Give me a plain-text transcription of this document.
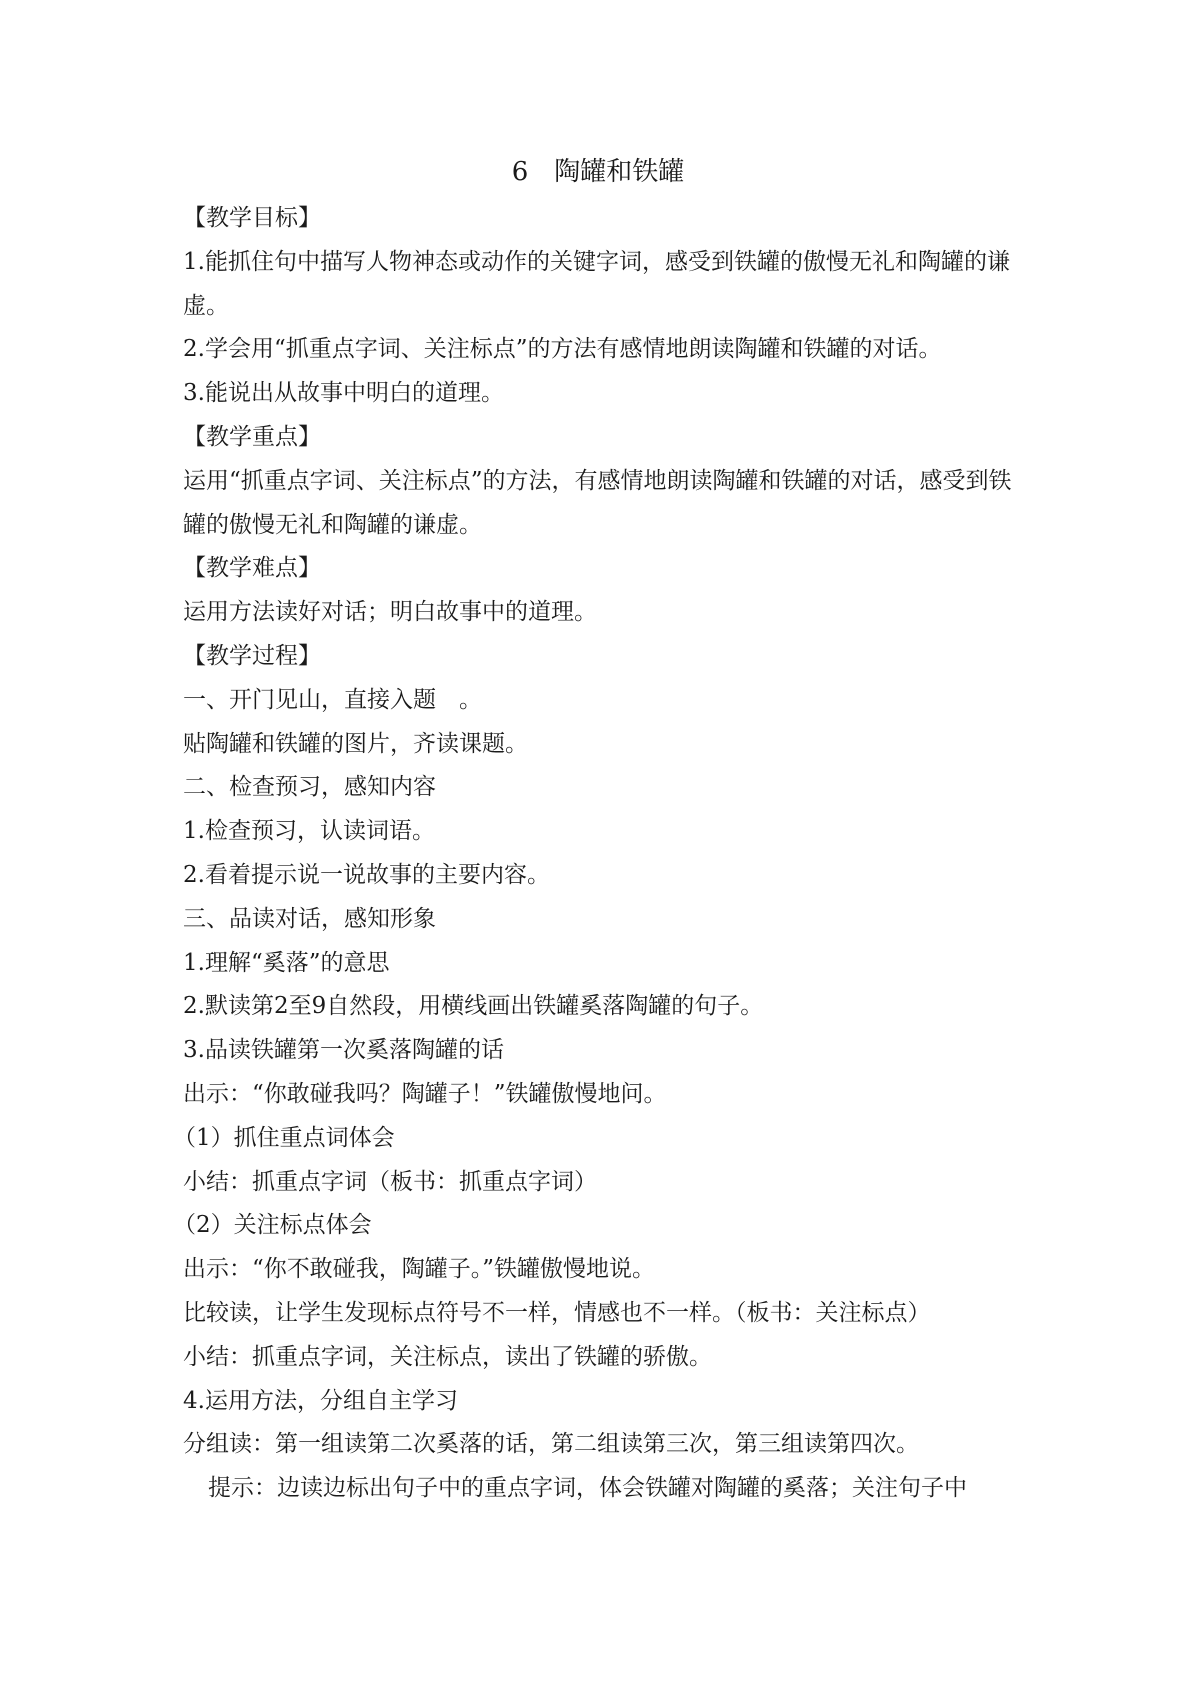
6　陶罐和铁罐

【教学目标】

1.能抓住句中描写人物神态或动作的关键字词，感受到铁罐的傲慢无礼和陶罐的谦虚。

2.学会用“抓重点字词、关注标点”的方法有感情地朗读陶罐和铁罐的对话。

3.能说出从故事中明白的道理。

【教学重点】

运用“抓重点字词、关注标点”的方法，有感情地朗读陶罐和铁罐的对话，感受到铁罐的傲慢无礼和陶罐的谦虚。

【教学难点】

运用方法读好对话；明白故事中的道理。

【教学过程】

一、开门见山，直接入题　。

贴陶罐和铁罐的图片，齐读课题。

二、检查预习，感知内容

1.检查预习，认读词语。

2.看着提示说一说故事的主要内容。

三、品读对话，感知形象

1.理解“奚落”的意思

2.默读第2至9自然段，用横线画出铁罐奚落陶罐的句子。

3.品读铁罐第一次奚落陶罐的话

出示：“你敢碰我吗？陶罐子！”铁罐傲慢地问。

（1）抓住重点词体会

小结：抓重点字词（板书：抓重点字词）

（2）关注标点体会

出示：“你不敢碰我，陶罐子。”铁罐傲慢地说。

比较读，让学生发现标点符号不一样，情感也不一样。（板书：关注标点）

小结：抓重点字词，关注标点，读出了铁罐的骄傲。

4.运用方法，分组自主学习

分组读：第一组读第二次奚落的话，第二组读第三次，第三组读第四次。

提示：边读边标出句子中的重点字词，体会铁罐对陶罐的奚落；关注句子中
